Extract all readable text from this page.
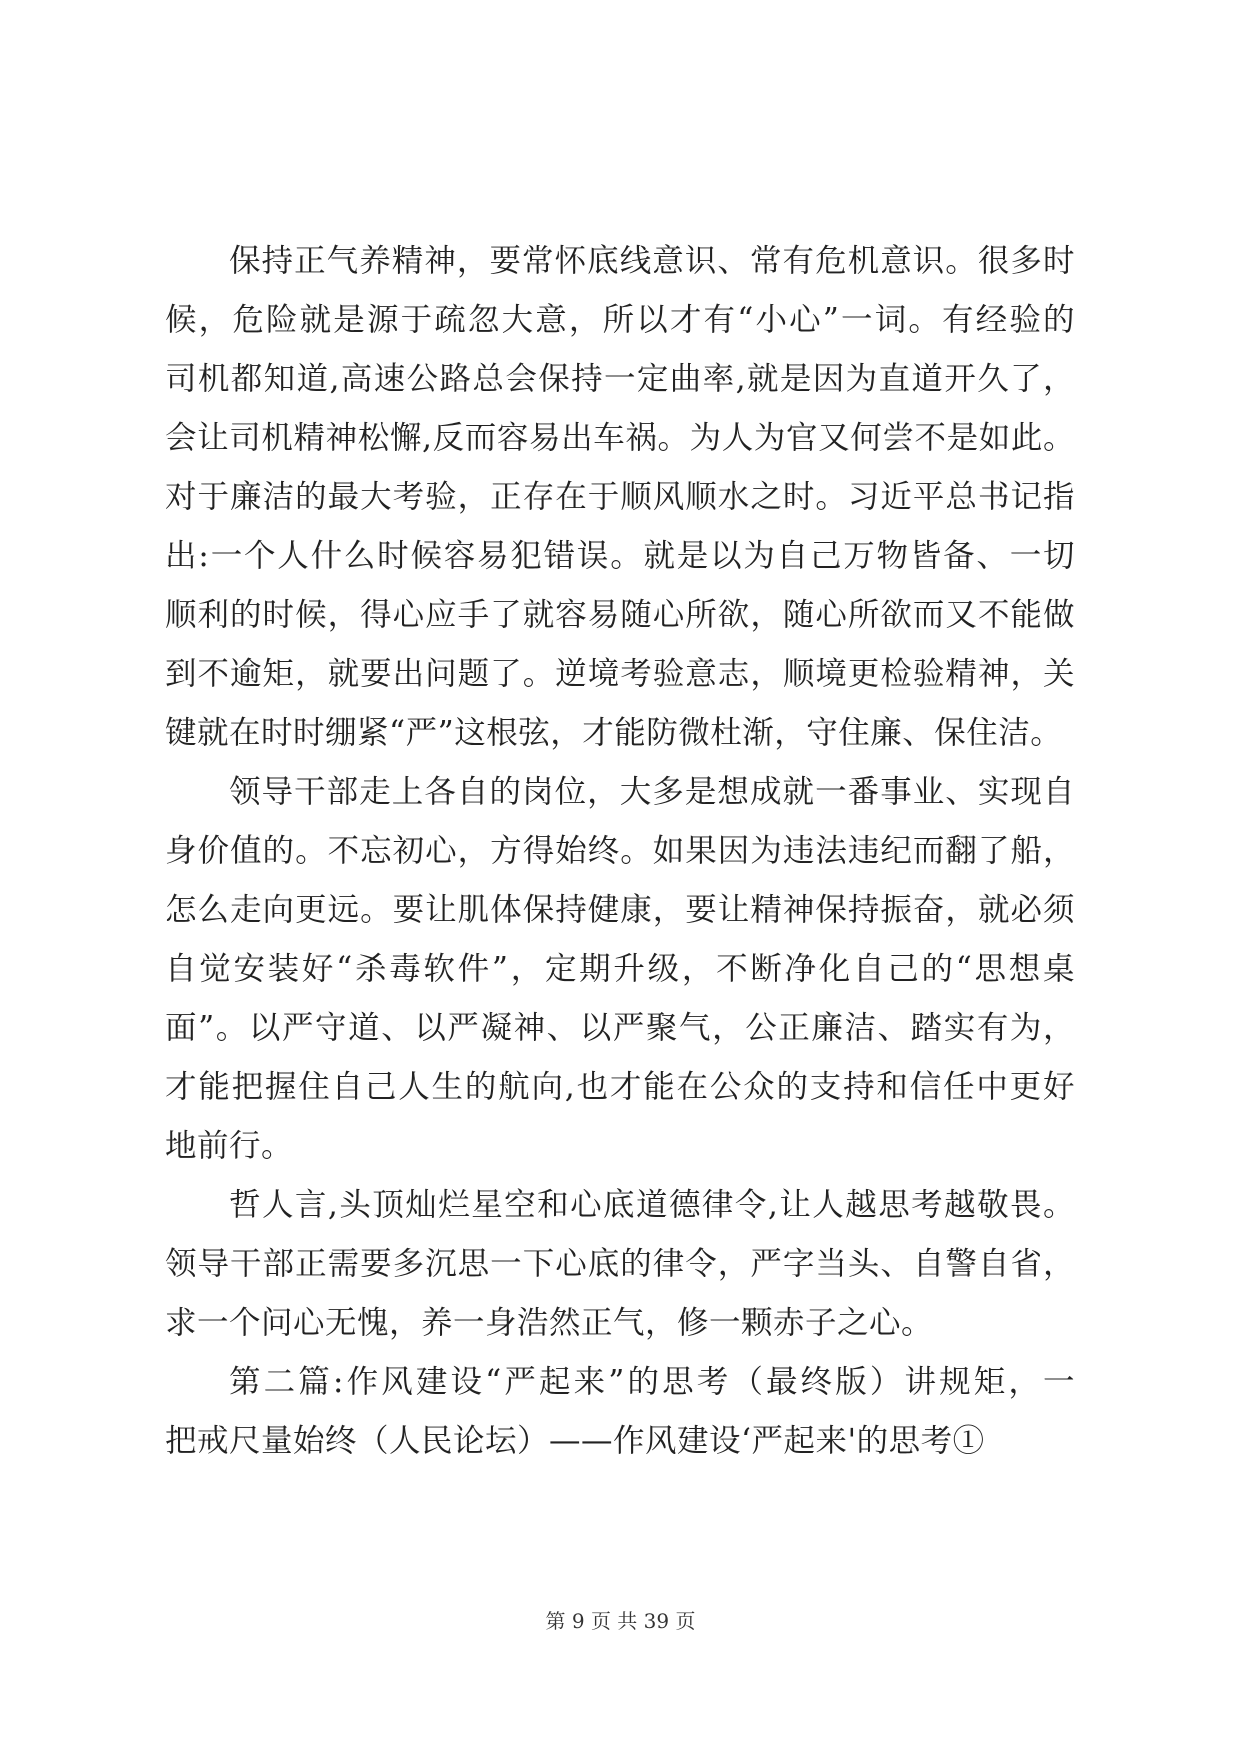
保持正气养精神，要常怀底线意识、常有危机意识。很多时
候，危险就是源于疏忽大意，所以才有“小心”一词。有经验的
司机都知道,高速公路总会保持一定曲率,就是因为直道开久了，
会让司机精神松懈,反而容易出车祸。为人为官又何尝不是如此。
对于廉洁的最大考验，正存在于顺风顺水之时。习近平总书记指
出:一个人什么时候容易犯错误。就是以为自己万物皆备、一切
顺利的时候，得心应手了就容易随心所欲，随心所欲而又不能做
到不逾矩，就要出问题了。逆境考验意志，顺境更检验精神，关
键就在时时绷紧“严”这根弦，才能防微杜渐，守住廉、保住洁。
领导干部走上各自的岗位，大多是想成就一番事业、实现自
身价值的。不忘初心，方得始终。如果因为违法违纪而翻了船，
怎么走向更远。要让肌体保持健康，要让精神保持振奋，就必须
自觉安装好“杀毒软件”，定期升级，不断净化自己的“思想桌
面”。以严守道、以严凝神、以严聚气，公正廉洁、踏实有为，
才能把握住自己人生的航向,也才能在公众的支持和信任中更好
地前行。
哲人言,头顶灿烂星空和心底道德律令,让人越思考越敬畏。
领导干部正需要多沉思一下心底的律令，严字当头、自警自省，
求一个问心无愧，养一身浩然正气，修一颗赤子之心。
第二篇:作风建设“严起来”的思考（最终版）讲规矩，一
把戒尺量始终（人民论坛）——作风建设‘严起来'的思考①
第 9 页 共 39 页
